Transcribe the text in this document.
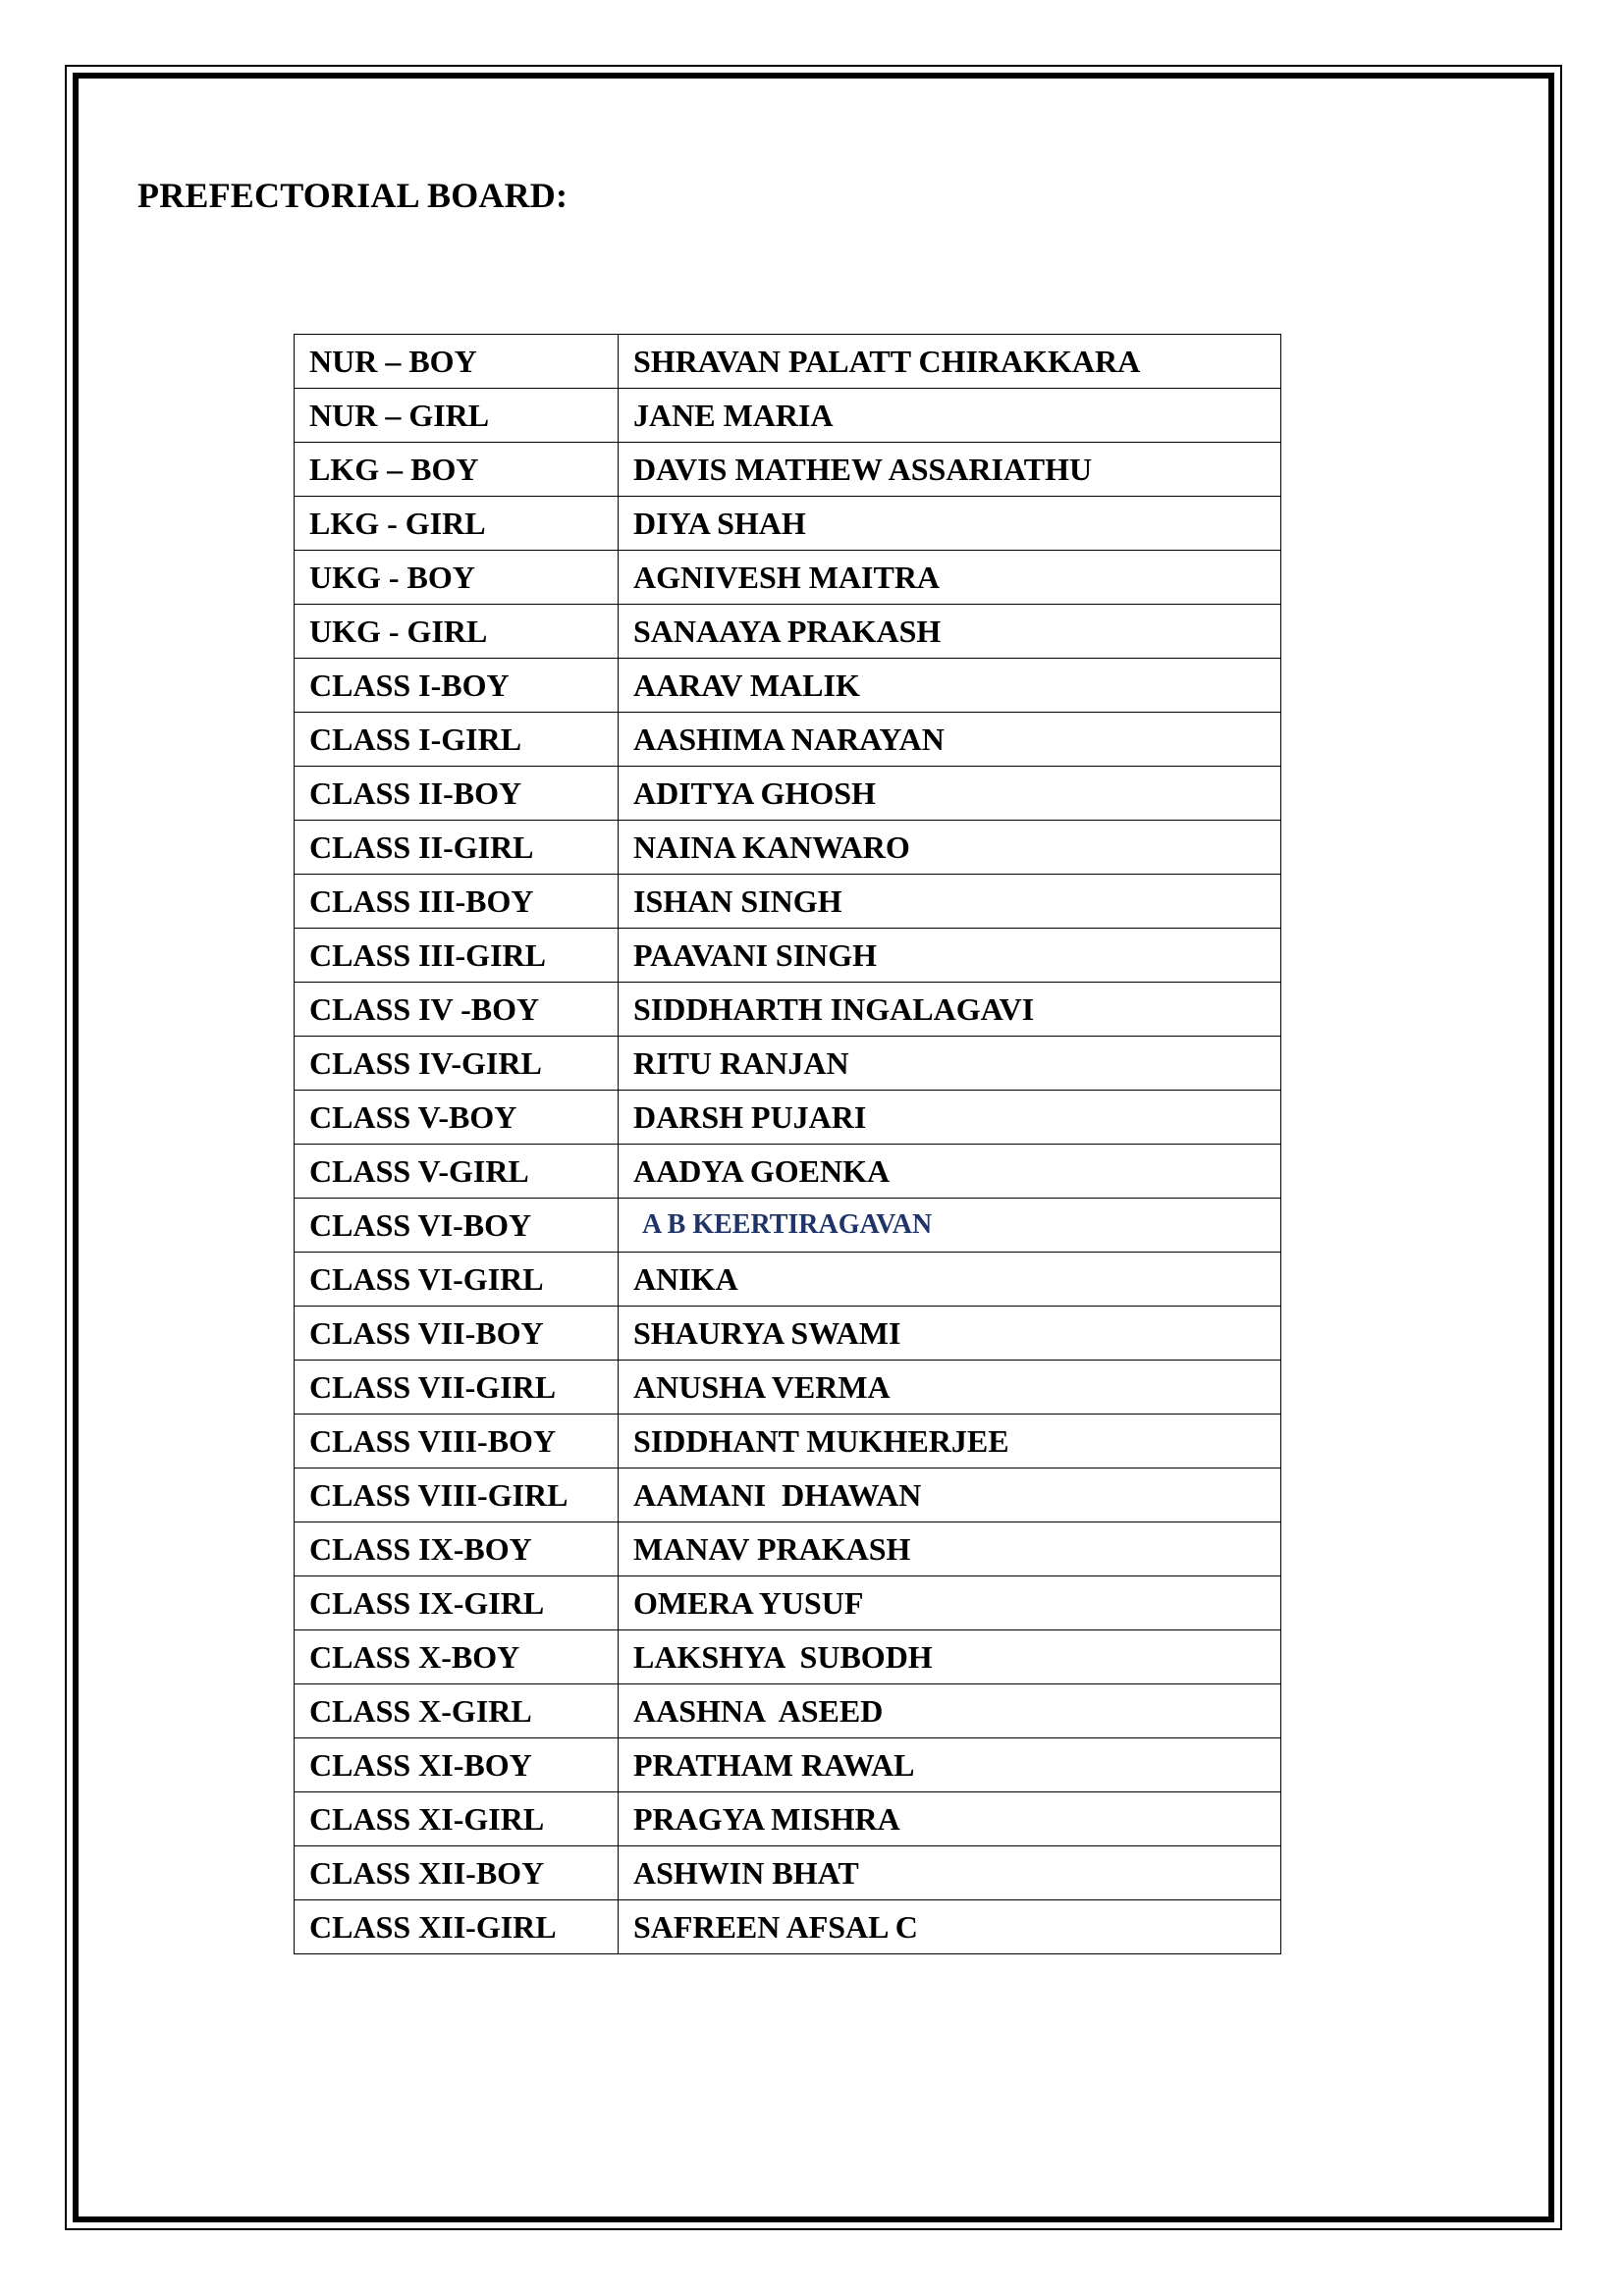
PREFECTORIAL BOARD:
NUR – BOY	SHRAVAN PALATT CHIRAKKARA
NUR – GIRL	JANE MARIA
LKG – BOY	DAVIS MATHEW ASSARIATHU
LKG - GIRL	DIYA SHAH
UKG - BOY	AGNIVESH MAITRA
UKG - GIRL	SANAAYA PRAKASH
CLASS I-BOY	AARAV MALIK
CLASS I-GIRL	AASHIMA NARAYAN
CLASS II-BOY	ADITYA GHOSH
CLASS II-GIRL	NAINA KANWARO
CLASS III-BOY	ISHAN SINGH
CLASS III-GIRL	PAAVANI SINGH
CLASS IV -BOY	SIDDHARTH INGALAGAVI
CLASS IV-GIRL	RITU RANJAN
CLASS V-BOY	DARSH PUJARI
CLASS V-GIRL	AADYA GOENKA
CLASS VI-BOY	A B KEERTIRAGAVAN
CLASS VI-GIRL	ANIKA
CLASS VII-BOY	SHAURYA SWAMI
CLASS VII-GIRL	ANUSHA VERMA
CLASS VIII-BOY	SIDDHANT MUKHERJEE
CLASS VIII-GIRL	AAMANI  DHAWAN
CLASS IX-BOY	MANAV PRAKASH
CLASS IX-GIRL	OMERA YUSUF
CLASS X-BOY	LAKSHYA  SUBODH
CLASS X-GIRL	AASHNA  ASEED
CLASS XI-BOY	PRATHAM RAWAL
CLASS XI-GIRL	PRAGYA MISHRA
CLASS XII-BOY	ASHWIN BHAT
CLASS XII-GIRL	SAFREEN AFSAL C
